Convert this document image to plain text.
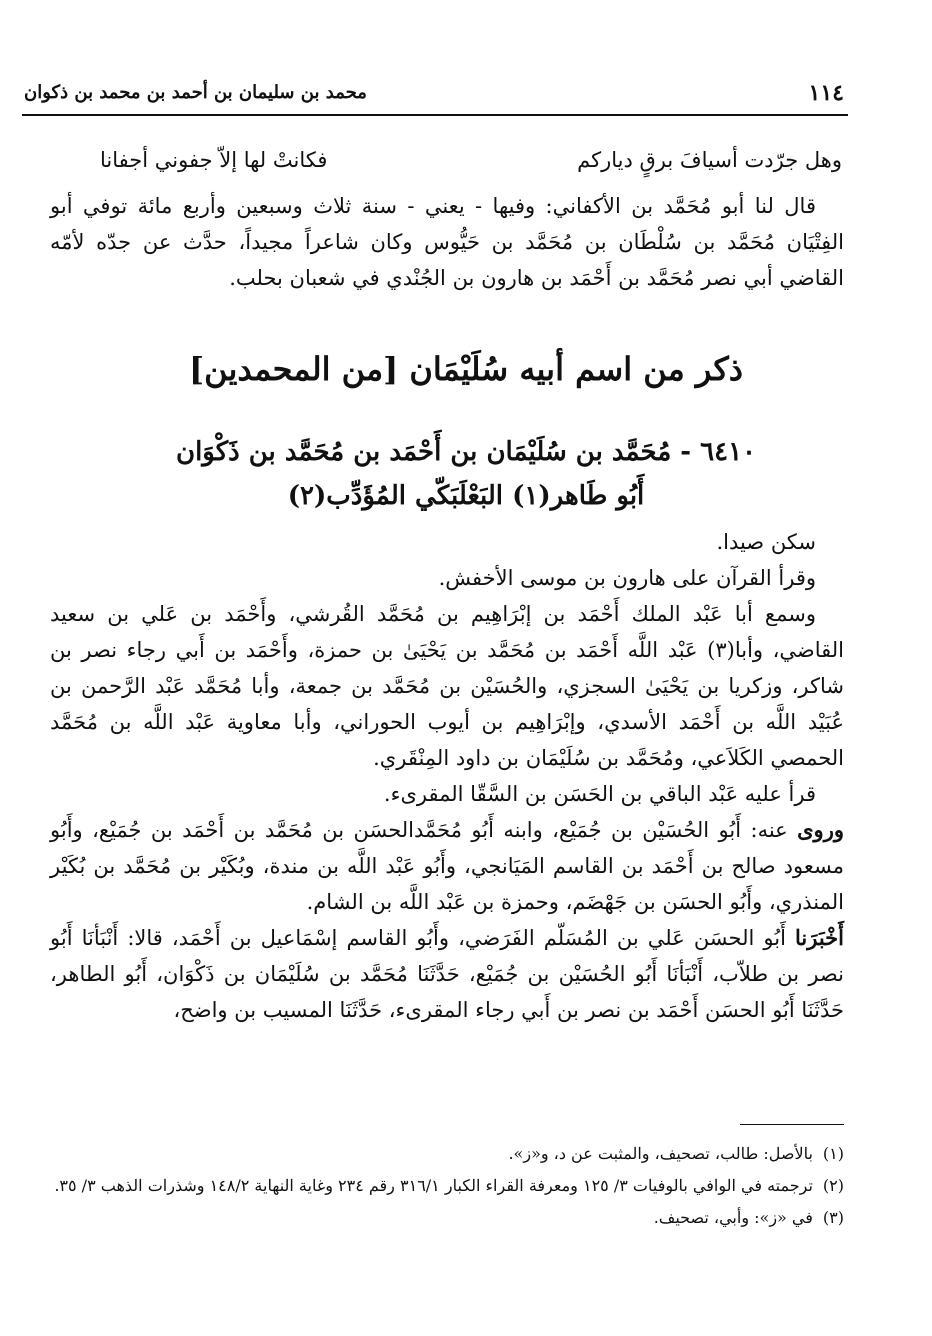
١١٤
محمد بن سليمان بن أحمد بن محمد بن ذكوان
وهل جرّدت أسيافَ برقٍ دياركم
فكانتْ لها إلاّ جفوني أجفانا

قال لنا أبو مُحَمَّد بن الأكفاني: وفيها - يعني - سنة ثلاث وسبعين وأربع مائة توفي أبو الفِتْيَان مُحَمَّد بن سُلْطَان بن مُحَمَّد بن حَيُّوس وكان شاعراً مجيداً، حدَّث عن جدّه لأمّه القاضي أبي نصر مُحَمَّد بن أَحْمَد بن هارون بن الجُنْدي في شعبان بحلب.

ذكر من اسم أبيه سُلَيْمَان [من المحمدين]
٦٤١٠ - مُحَمَّد بن سُلَيْمَان بن أَحْمَد بن مُحَمَّد بن ذَكْوَان
أَبُو طَاهر(١) البَعْلَبَكّي المُؤَدِّب(٢)

سكن صيدا.

وقرأ القرآن على هارون بن موسى الأخفش.

وسمع أبا عَبْد الملك أَحْمَد بن إبْرَاهِيم بن مُحَمَّد القُرشي، وأَحْمَد بن عَلي بن سعيد القاضي، وأبا(٣) عَبْد اللَّه أَحْمَد بن مُحَمَّد بن يَحْيَىٰ بن حمزة، وأَحْمَد بن أَبي رجاء نصر بن شاكر، وزكريا بن يَحْيَىٰ السجزي، والحُسَيْن بن مُحَمَّد بن جمعة، وأبا مُحَمَّد عَبْد الرَّحمن بن عُبَيْد اللَّه بن أَحْمَد الأسدي، وإبْرَاهِيم بن أيوب الحوراني، وأبا معاوية عَبْد اللَّه بن مُحَمَّد الحمصي الكَلاَعي، ومُحَمَّد بن سُلَيْمَان بن داود المِنْقَري.

قرأ عليه عَبْد الباقي بن الحَسَن بن السَّقّا المقرىء.

وروى عنه: أَبُو الحُسَيْن بن جُمَيْع، وابنه أَبُو مُحَمَّدالحسَن بن مُحَمَّد بن أَحْمَد بن جُمَيْع، وأَبُو مسعود صالح بن أَحْمَد بن القاسم المَيَانجي، وأَبُو عَبْد اللَّه بن مندة، وبُكَيْر بن مُحَمَّد بن بُكَيْر المنذري، وأَبُو الحسَن بن جَهْضَم، وحمزة بن عَبْد اللَّه بن الشام.

أَخْبَرَنا أَبُو الحسَن عَلي بن المُسَلّم الفَرَضي، وأَبُو القاسم إسْمَاعيل بن أَحْمَد، قالا: أَنْبَأنَا أَبُو نصر بن طلاّب، أَنْبَأنَا أَبُو الحُسَيْن بن جُمَيْع، حَدَّثَنَا مُحَمَّد بن سُلَيْمَان بن ذَكْوَان، أَبُو الطاهر، حَدَّثَنَا أَبُو الحسَن أَحْمَد بن نصر بن أَبي رجاء المقرىء، حَدَّثَنَا المسيب بن واضح،

(١)
بالأصل: طالب، تصحيف، والمثبت عن د، و«ز».
(٢)
ترجمته في الوافي بالوفيات ٣/ ١٢٥ ومعرفة القراء الكبار ٣١٦/١ رقم ٢٣٤ وغاية النهاية ١٤٨/٢ وشذرات الذهب ٣/ ٣٥.
(٣)
في «ز»: وأبي، تصحيف.
